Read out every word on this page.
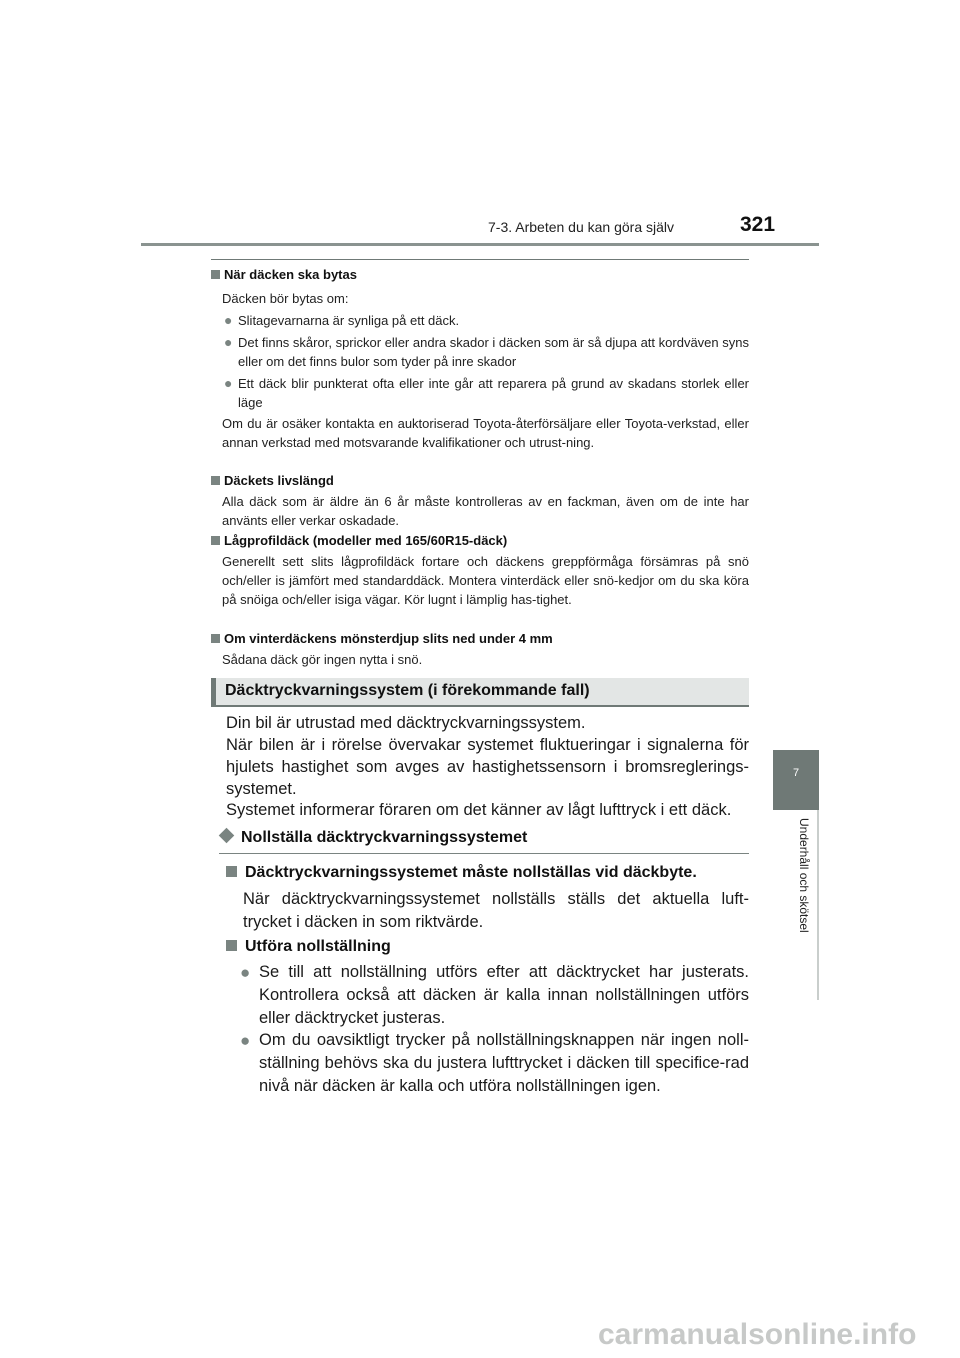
7-3. Arbeten du kan göra själv	321
7
Underhåll och skötsel
När däcken ska bytas
Däcken bör bytas om:
● Slitagevarnarna är synliga på ett däck.
● Det finns skåror, sprickor eller andra skador i däcken som är så djupa att kordväven syns eller om det finns bulor som tyder på inre skador
● Ett däck blir punkterat ofta eller inte går att reparera på grund av skadans storlek eller läge
Om du är osäker kontakta en auktoriserad Toyota-återförsäljare eller Toyota-verkstad, eller annan verkstad med motsvarande kvalifikationer och utrust-ning.
Däckets livslängd
Alla däck som är äldre än 6 år måste kontrolleras av en fackman, även om de inte har använts eller verkar oskadade.
Lågprofildäck (modeller med 165/60R15-däck)
Generellt sett slits lågprofildäck fortare och däckens greppförmåga försämras på snö och/eller is jämfört med standarddäck. Montera vinterdäck eller snö-kedjor om du ska köra på snöiga och/eller isiga vägar. Kör lugnt i lämplig has-tighet.
Om vinterdäckens mönsterdjup slits ned under 4 mm
Sådana däck gör ingen nytta i snö.
Däcktryckvarningssystem (i förekommande fall)
Din bil är utrustad med däcktryckvarningssystem.
När bilen är i rörelse övervakar systemet fluktueringar i signalerna för hjulets hastighet som avges av hastighetssensorn i bromsreglerings-systemet.
Systemet informerar föraren om det känner av lågt lufttryck i ett däck.
Nollställa däcktryckvarningssystemet
Däcktryckvarningssystemet måste nollställas vid däckbyte.
När däcktryckvarningssystemet nollställs ställs det aktuella luft-trycket i däcken in som riktvärde.
Utföra nollställning
● Se till att nollställning utförs efter att däcktrycket har justerats. Kontrollera också att däcken är kalla innan nollställningen utförs eller däcktrycket justeras.
● Om du oavsiktligt trycker på nollställningsknappen när ingen noll-ställning behövs ska du justera lufttrycket i däcken till specifice-rad nivå när däcken är kalla och utföra nollställningen igen.
carmanualsonline.info
